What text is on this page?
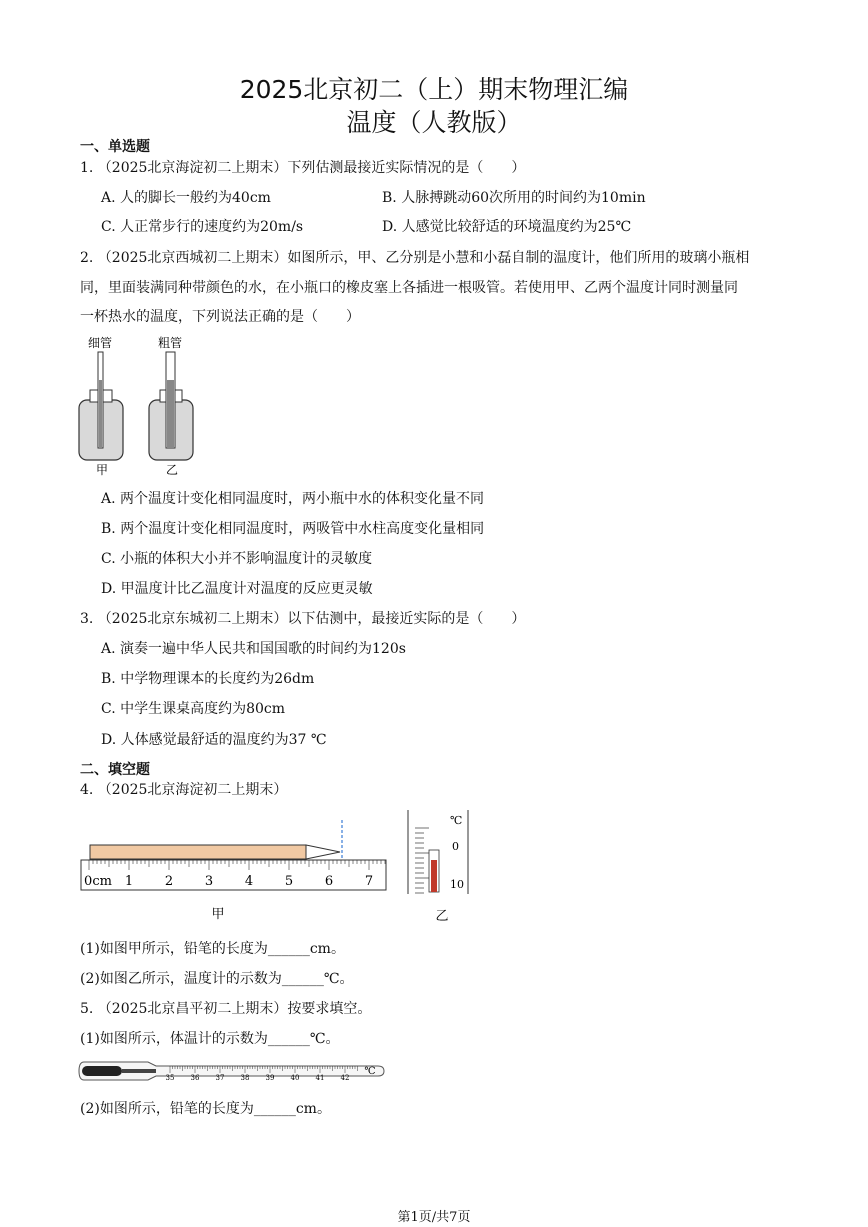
2025北京初二（上）期末物理汇编
温度（人教版）
一、单选题
1. （2025北京海淀初二上期末）下列估测最接近实际情况的是（　　）
A. 人的脚长一般约为40cm	B. 人脉搏跳动60次所用的时间约为10min
C. 人正常步行的速度约为20m/s	D. 人感觉比较舒适的环境温度约为25℃
2. （2025北京西城初二上期末）如图所示，甲、乙分别是小慧和小磊自制的温度计，他们所用的玻璃小瓶相
同，里面装满同种带颜色的水，在小瓶口的橡皮塞上各插进一根吸管。若使用甲、乙两个温度计同时测量同
一杯热水的温度，下列说法正确的是（　　）
细管	粗管
甲	乙
A. 两个温度计变化相同温度时，两小瓶中水的体积变化量不同
B. 两个温度计变化相同温度时，两吸管中水柱高度变化量相同
C. 小瓶的体积大小并不影响温度计的灵敏度
D. 甲温度计比乙温度计对温度的反应更灵敏
3. （2025北京东城初二上期末）以下估测中，最接近实际的是（　　）
A. 演奏一遍中华人民共和国国歌的时间约为120s
B. 中学物理课本的长度约为26dm
C. 中学生课桌高度约为80cm
D. 人体感觉最舒适的温度约为37 ℃
二、填空题
4. （2025北京海淀初二上期末）
0cm 1 2 3 4 5 6 7
甲
℃
0
10
乙
(1)如图甲所示，铅笔的长度为______cm。
(2)如图乙所示，温度计的示数为______℃。
5. （2025北京昌平初二上期末）按要求填空。
(1)如图所示，体温计的示数为______℃。
35 36 37 38 39 40 41 42
℃
(2)如图所示，铅笔的长度为______cm。
第1页/共7页
